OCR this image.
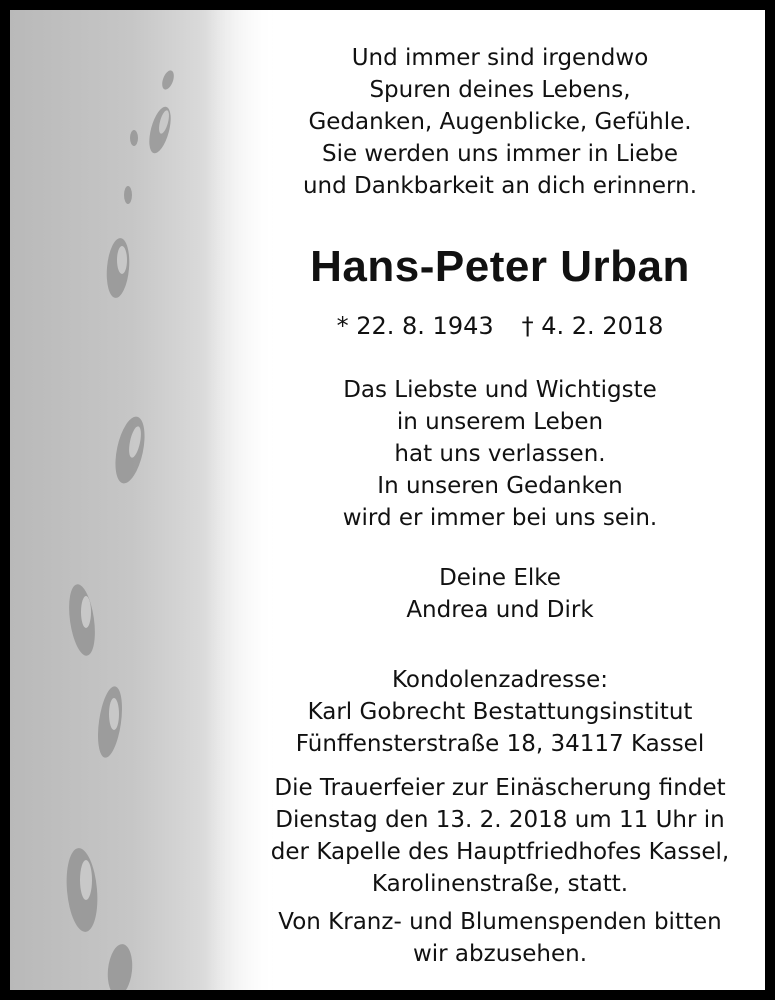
Und immer sind irgendwo
Spuren deines Lebens,
Gedanken, Augenblicke, Gefühle.
Sie werden uns immer in Liebe
und Dankbarkeit an dich erinnern.
Hans-Peter Urban
* 22. 8. 1943 † 4. 2. 2018
Das Liebste und Wichtigste
in unserem Leben
hat uns verlassen.
In unseren Gedanken
wird er immer bei uns sein.
Deine Elke
Andrea und Dirk
Kondolenzadresse:
Karl Gobrecht Bestattungsinstitut
Fünffensterstraße 18, 34117 Kassel
Die Trauerfeier zur Einäscherung findet
Dienstag den 13. 2. 2018 um 11 Uhr in
der Kapelle des Hauptfriedhofes Kassel,
Karolinenstraße, statt.
Von Kranz- und Blumenspenden bitten
wir abzusehen.
